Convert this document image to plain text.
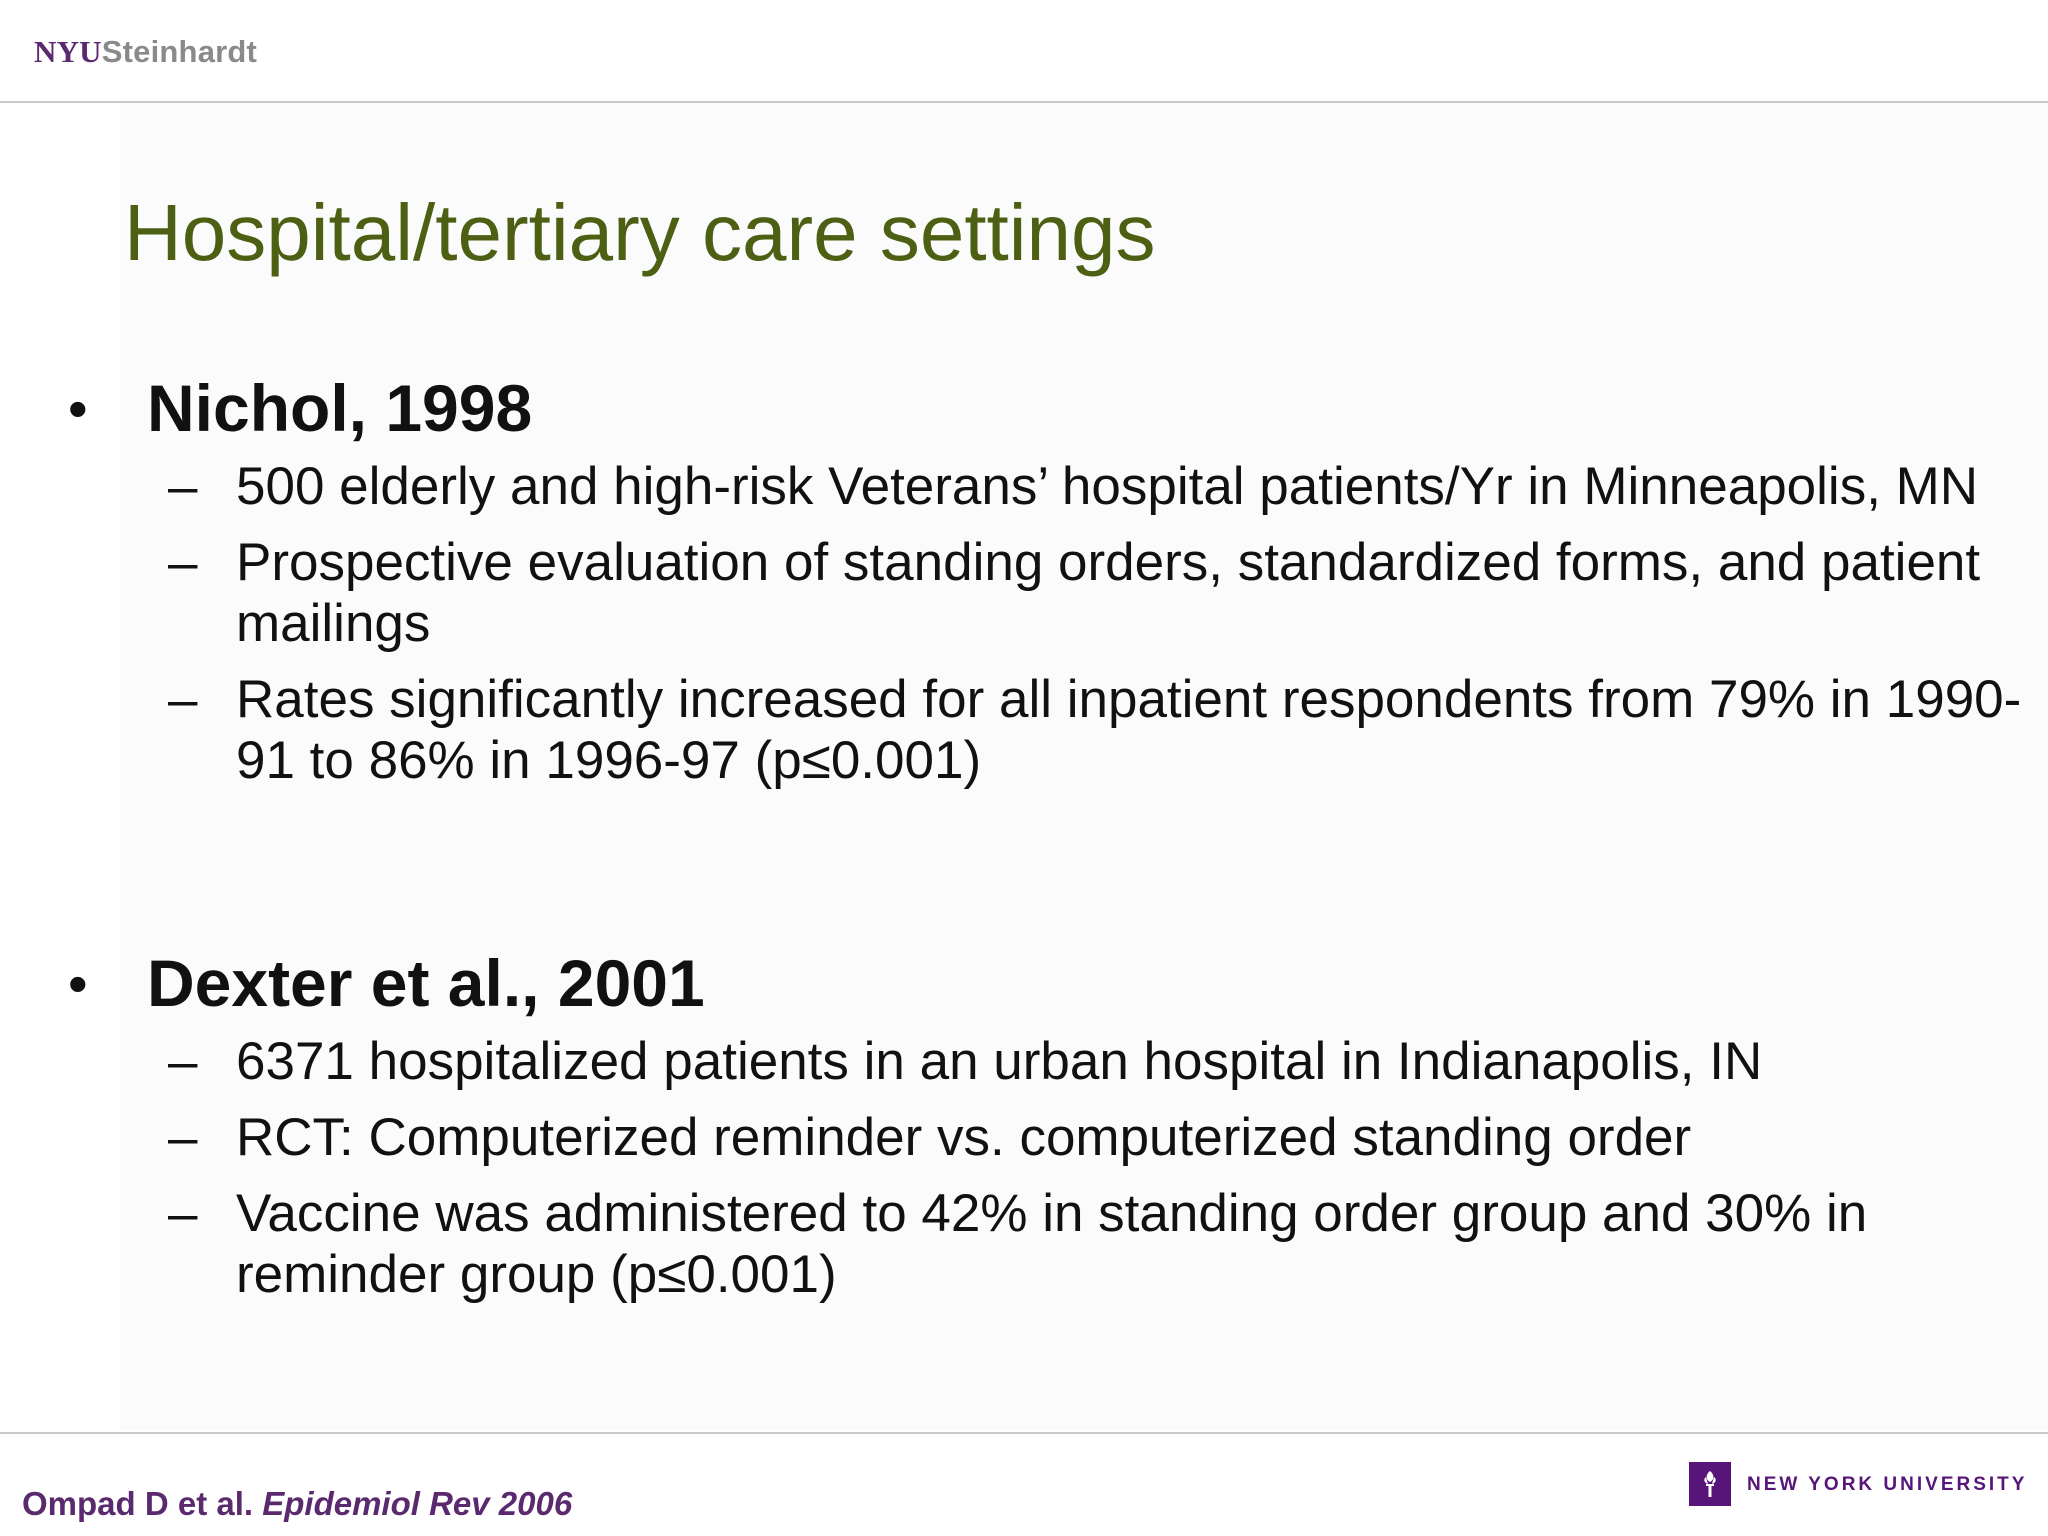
NYUSteinhardt
Hospital/tertiary care settings
• Nichol, 1998
– 500 elderly and high-risk Veterans’ hospital patients/Yr in Minneapolis, MN
– Prospective evaluation of standing orders, standardized forms, and patient mailings
– Rates significantly increased for all inpatient respondents from 79% in 1990-91 to 86% in 1996-97 (p≤0.001)
• Dexter et al., 2001
– 6371 hospitalized patients in an urban hospital in Indianapolis, IN
– RCT: Computerized reminder vs. computerized standing order
– Vaccine was administered to 42% in standing order group and 30% in reminder group (p≤0.001)
Ompad D et al. Epidemiol Rev 2006
NEW YORK UNIVERSITY
